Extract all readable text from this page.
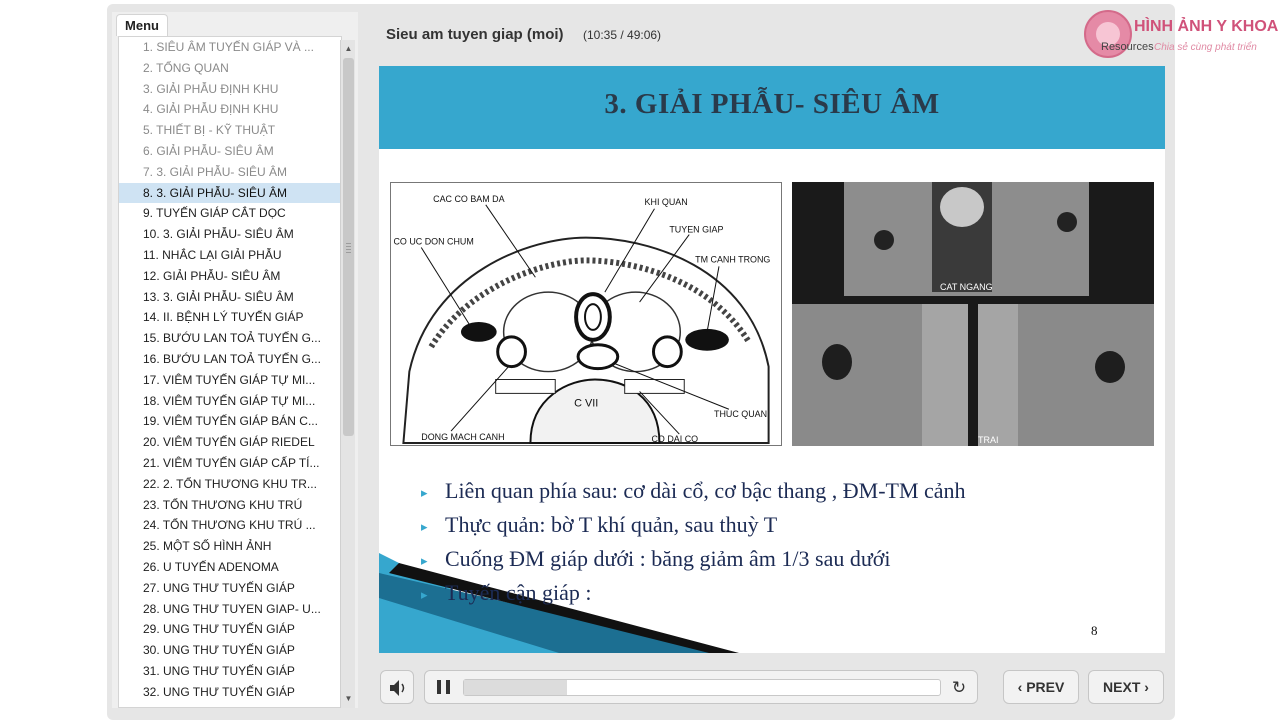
Menu
1. SIÊU ÂM TUYẾN GIÁP VÀ ...
2. TỔNG QUAN
3. GIẢI PHẪU ĐỊNH KHU
4. GIẢI PHẪU ĐỊNH KHU
5. THIẾT BỊ - KỸ THUẬT
6. GIẢI PHẪU- SIÊU ÂM
7. 3. GIẢI PHẪU- SIÊU ÂM
8. 3. GIẢI PHẪU- SIÊU ÂM
9. TUYẾN GIÁP CẮT DỌC
10. 3. GIẢI PHẪU- SIÊU ÂM
11. NHẮC LẠI GIẢI PHẪU
12. GIẢI PHẪU- SIÊU ÂM
13. 3. GIẢI PHẪU- SIÊU ÂM
14. II. BỆNH LÝ TUYẾN GIÁP
15. BƯỚU LAN TOẢ TUYẾN G...
16. BƯỚU LAN TOẢ TUYẾN G...
17. VIÊM TUYẾN GIÁP TỰ MI...
18. VIÊM TUYẾN GIÁP TỰ MI...
19. VIÊM TUYẾN GIÁP BÁN C...
20. VIÊM TUYẾN GIÁP RIEDEL
21. VIÊM TUYẾN GIÁP CẤP TÍ...
22. 2. TỔN THƯƠNG KHU TR...
23. TỔN THƯƠNG KHU TRÚ
24. TỔN THƯƠNG KHU TRÚ ...
25. MỘT SỐ HÌNH ẢNH
26. U TUYẾN ADENOMA
27. UNG THƯ TUYẾN GIÁP
28. UNG THƯ TUYEN GIAP- U...
29. UNG THƯ TUYẾN GIÁP
30. UNG THƯ TUYẾN GIÁP
31. UNG THƯ TUYẾN GIÁP
32. UNG THƯ TUYẾN GIÁP
▲
▼
Sieu am tuyen giap (moi) (10:35 / 49:06)	HÌNH ẢNH Y KHOA
Chia sẻ cùng phát triển
Resources
3. GIẢI PHẪU- SIÊU ÂM
CAC CO BAM DA	KHI QUAN
TUYEN GIAP
CO UC DON CHUM
TM CANH TRONG
C VII
THUC QUAN
DONG MACH CANH	CO DAI CO
CAT NGANG
TRAI
▸ Liên quan phía sau: cơ dài cổ, cơ bậc thang , ĐM-TM cảnh
▸ Thực quản: bờ T khí quản, sau thuỳ T
▸ Cuống ĐM giáp dưới : băng giảm âm 1/3 sau dưới
▸ Tuyến cận giáp :
8
↻	‹ PREV	NEXT ›
